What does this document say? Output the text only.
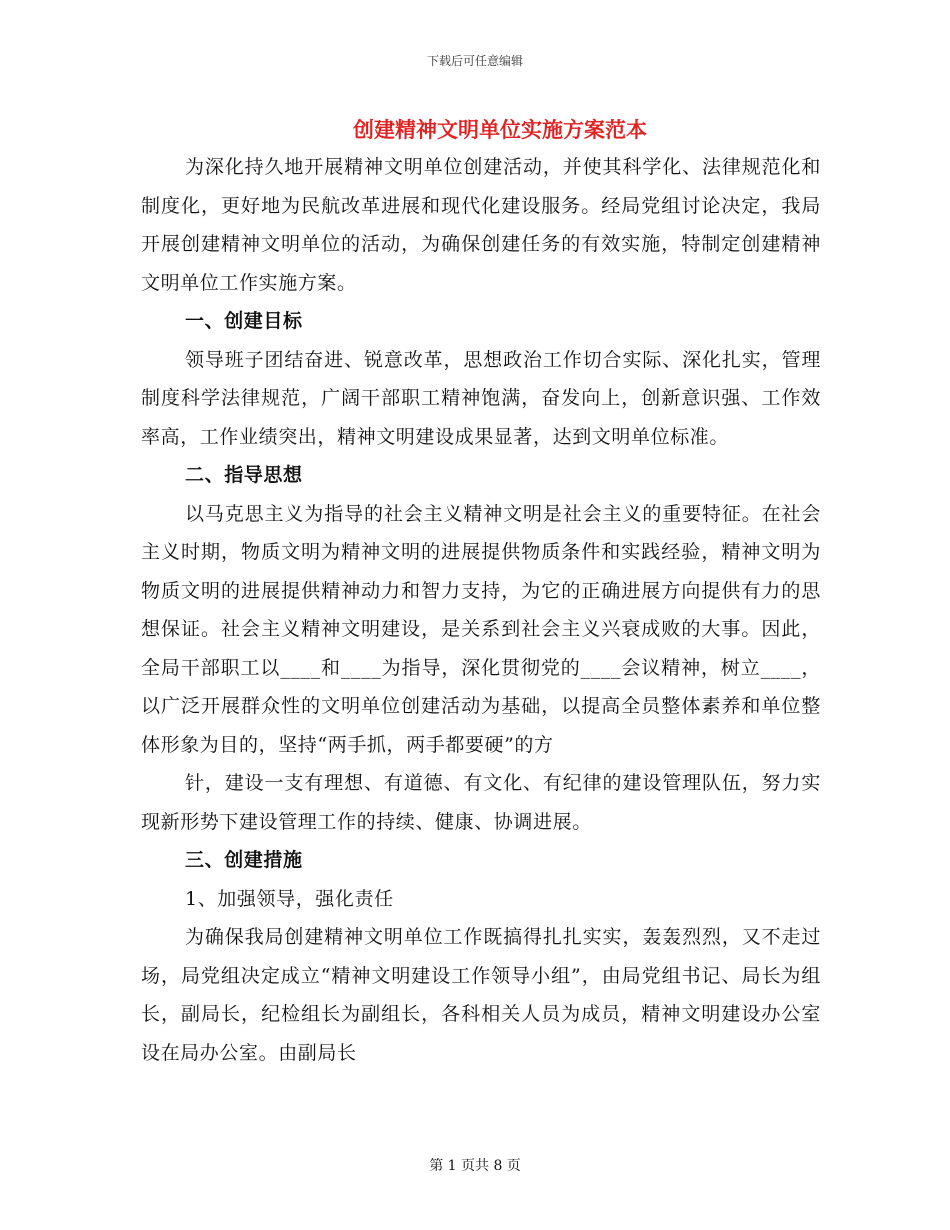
下载后可任意编辑
创建精神文明单位实施方案范本

为深化持久地开展精神文明单位创建活动，并使其科学化、法律规范化和制度化，更好地为民航改革进展和现代化建设服务。经局党组讨论决定，我局开展创建精神文明单位的活动，为确保创建任务的有效实施，特制定创建精神文明单位工作实施方案。

一、创建目标

领导班子团结奋进、锐意改革，思想政治工作切合实际、深化扎实，管理制度科学法律规范，广阔干部职工精神饱满，奋发向上，创新意识强、工作效率高，工作业绩突出，精神文明建设成果显著，达到文明单位标准。

二、指导思想

以马克思主义为指导的社会主义精神文明是社会主义的重要特征。在社会主义时期，物质文明为精神文明的进展提供物质条件和实践经验，精神文明为物质文明的进展提供精神动力和智力支持，为它的正确进展方向提供有力的思想保证。社会主义精神文明建设，是关系到社会主义兴衰成败的大事。因此，全局干部职工以____和____为指导，深化贯彻党的____会议精神，树立____，以广泛开展群众性的文明单位创建活动为基础，以提高全员整体素养和单位整体形象为目的，坚持“两手抓，两手都要硬”的方

针，建设一支有理想、有道德、有文化、有纪律的建设管理队伍，努力实现新形势下建设管理工作的持续、健康、协调进展。

三、创建措施

1、加强领导，强化责任

为确保我局创建精神文明单位工作既搞得扎扎实实，轰轰烈烈，又不走过场，局党组决定成立“精神文明建设工作领导小组”，由局党组书记、局长为组长，副局长，纪检组长为副组长，各科相关人员为成员，精神文明建设办公室设在局办公室。由副局长

第 1 页共 8 页
